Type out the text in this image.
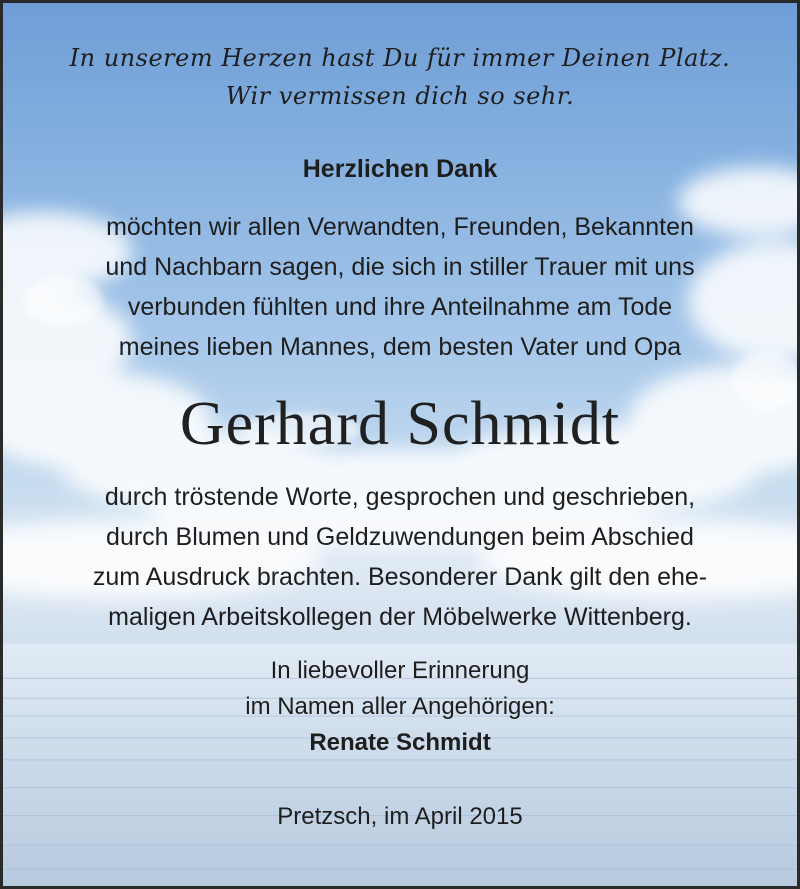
In unserem Herzen hast Du für immer Deinen Platz.
Wir vermissen dich so sehr.
Herzlichen Dank
möchten wir allen Verwandten, Freunden, Bekannten
und Nachbarn sagen, die sich in stiller Trauer mit uns
verbunden fühlten und ihre Anteilnahme am Tode
meines lieben Mannes, dem besten Vater und Opa
Gerhard Schmidt
durch tröstende Worte, gesprochen und geschrieben,
durch Blumen und Geldzuwendungen beim Abschied
zum Ausdruck brachten. Besonderer Dank gilt den ehe-
maligen Arbeitskollegen der Möbelwerke Wittenberg.
In liebevoller Erinnerung
im Namen aller Angehörigen:
Renate Schmidt
Pretzsch, im April 2015
